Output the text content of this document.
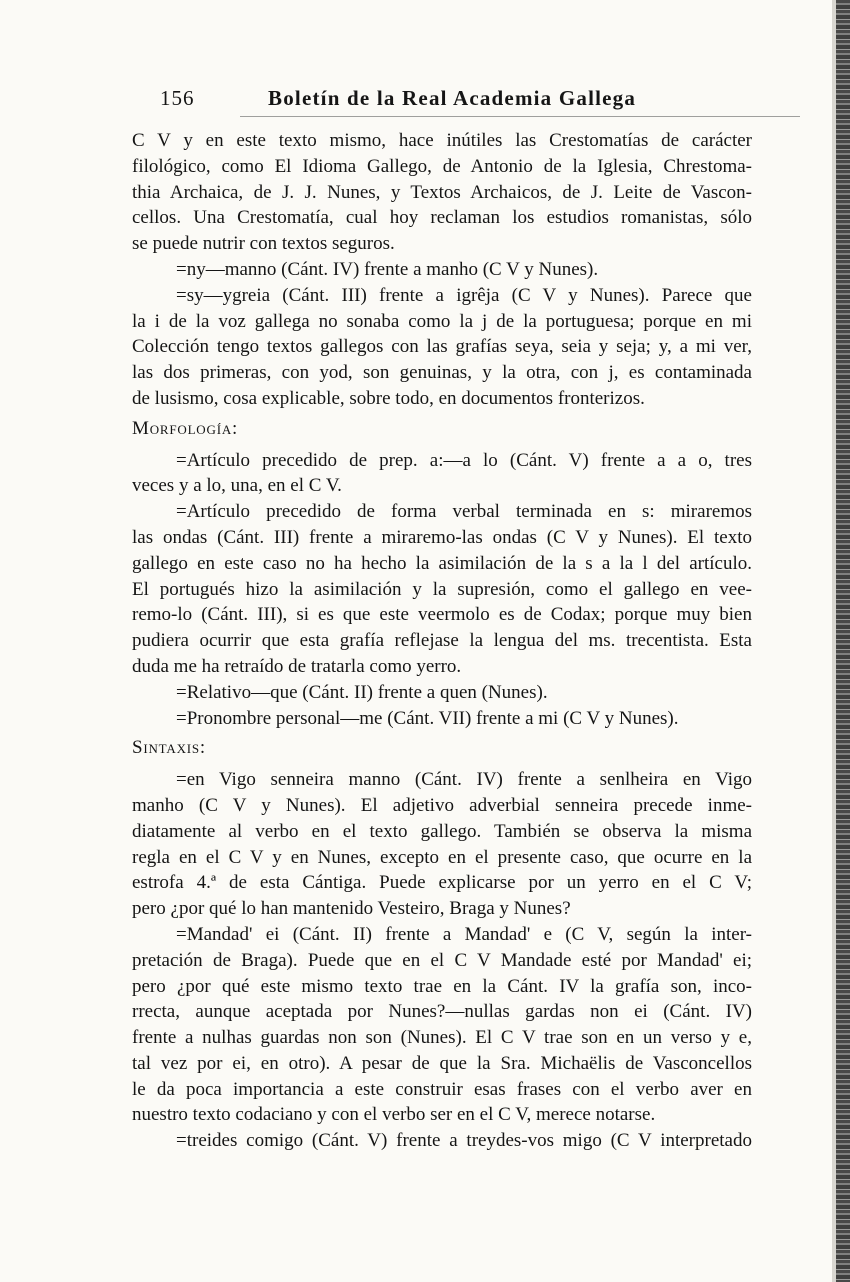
156	Boletín de la Real Academia Gallega
C V y en este texto mismo, hace inútiles las Crestomatías de carácter
filológico, como El Idioma Gallego, de Antonio de la Iglesia, Chrestoma-
thia Archaica, de J. J. Nunes, y Textos Archaicos, de J. Leite de Vascon-
cellos. Una Crestomatía, cual hoy reclaman los estudios romanistas, sólo
se puede nutrir con textos seguros.
=ny—manno (Cánt. IV) frente a manho (C V y Nunes).
=sy—ygreia (Cánt. III) frente a igrêja (C V y Nunes). Parece que
la i de la voz gallega no sonaba como la j de la portuguesa; porque en mi
Colección tengo textos gallegos con las grafías seya, seia y seja; y, a mi ver,
las dos primeras, con yod, son genuinas, y la otra, con j, es contaminada
de lusismo, cosa explicable, sobre todo, en documentos fronterizos.
Morfología:
=Artículo precedido de prep. a:—a lo (Cánt. V) frente a a o, tres
veces y a lo, una, en el C V.
=Artículo precedido de forma verbal terminada en s: miraremos
las ondas (Cánt. III) frente a miraremo-las ondas (C V y Nunes). El texto
gallego en este caso no ha hecho la asimilación de la s a la l del artículo.
El portugués hizo la asimilación y la supresión, como el gallego en vee-
remo-lo (Cánt. III), si es que este veermolo es de Codax; porque muy bien
pudiera ocurrir que esta grafía reflejase la lengua del ms. trecentista. Esta
duda me ha retraído de tratarla como yerro.
=Relativo—que (Cánt. II) frente a quen (Nunes).
=Pronombre personal—me (Cánt. VII) frente a mi (C V y Nunes).
Sintaxis:
=en Vigo senneira manno (Cánt. IV) frente a senlheira en Vigo
manho (C V y Nunes). El adjetivo adverbial senneira precede inme-
diatamente al verbo en el texto gallego. También se observa la misma
regla en el C V y en Nunes, excepto en el presente caso, que ocurre en la
estrofa 4.ª de esta Cántiga. Puede explicarse por un yerro en el C V;
pero ¿por qué lo han mantenido Vesteiro, Braga y Nunes?
=Mandad' ei (Cánt. II) frente a Mandad' e (C V, según la inter-
pretación de Braga). Puede que en el C V Mandade esté por Mandad' ei;
pero ¿por qué este mismo texto trae en la Cánt. IV la grafía son, inco-
rrecta, aunque aceptada por Nunes?—nullas gardas non ei (Cánt. IV)
frente a nulhas guardas non son (Nunes). El C V trae son en un verso y e,
tal vez por ei, en otro). A pesar de que la Sra. Michaëlis de Vasconcellos
le da poca importancia a este construir esas frases con el verbo aver en
nuestro texto codaciano y con el verbo ser en el C V, merece notarse.
=treides comigo (Cánt. V) frente a treydes-vos migo (C V interpretado
